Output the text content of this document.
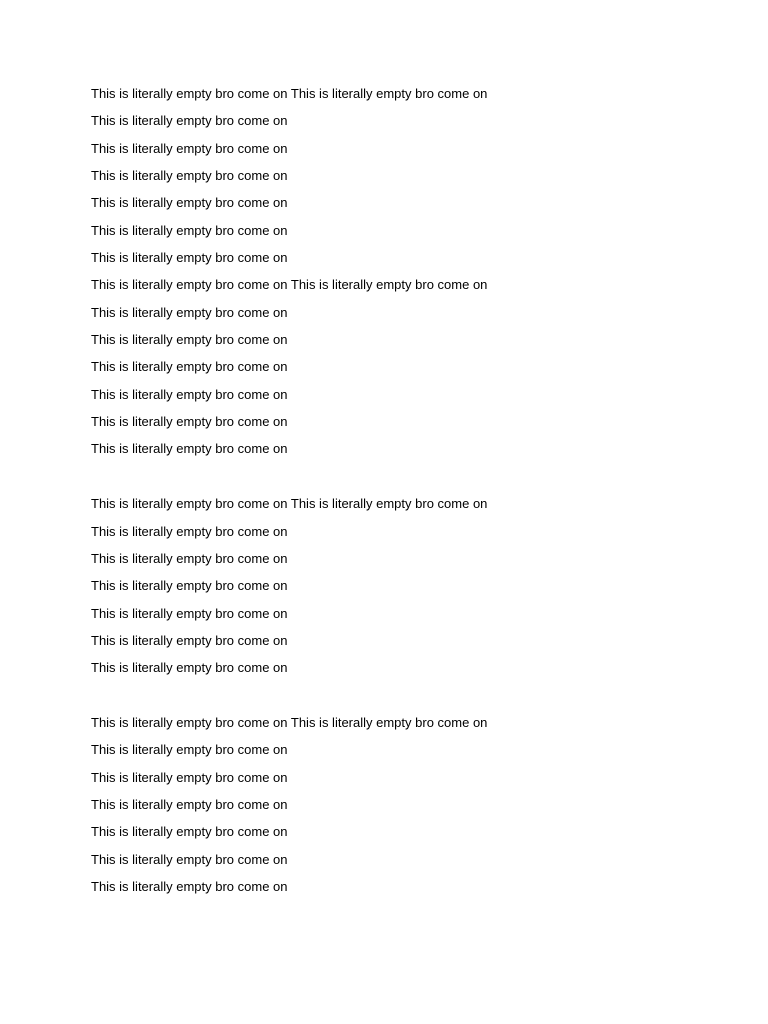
This is literally empty bro come on This is literally empty bro come on

This is literally empty bro come on

This is literally empty bro come on

This is literally empty bro come on

This is literally empty bro come on

This is literally empty bro come on

This is literally empty bro come on

This is literally empty bro come on This is literally empty bro come on

This is literally empty bro come on

This is literally empty bro come on

This is literally empty bro come on

This is literally empty bro come on

This is literally empty bro come on

This is literally empty bro come on

This is literally empty bro come on This is literally empty bro come on

This is literally empty bro come on

This is literally empty bro come on

This is literally empty bro come on

This is literally empty bro come on

This is literally empty bro come on

This is literally empty bro come on

This is literally empty bro come on This is literally empty bro come on

This is literally empty bro come on

This is literally empty bro come on

This is literally empty bro come on

This is literally empty bro come on

This is literally empty bro come on

This is literally empty bro come on
